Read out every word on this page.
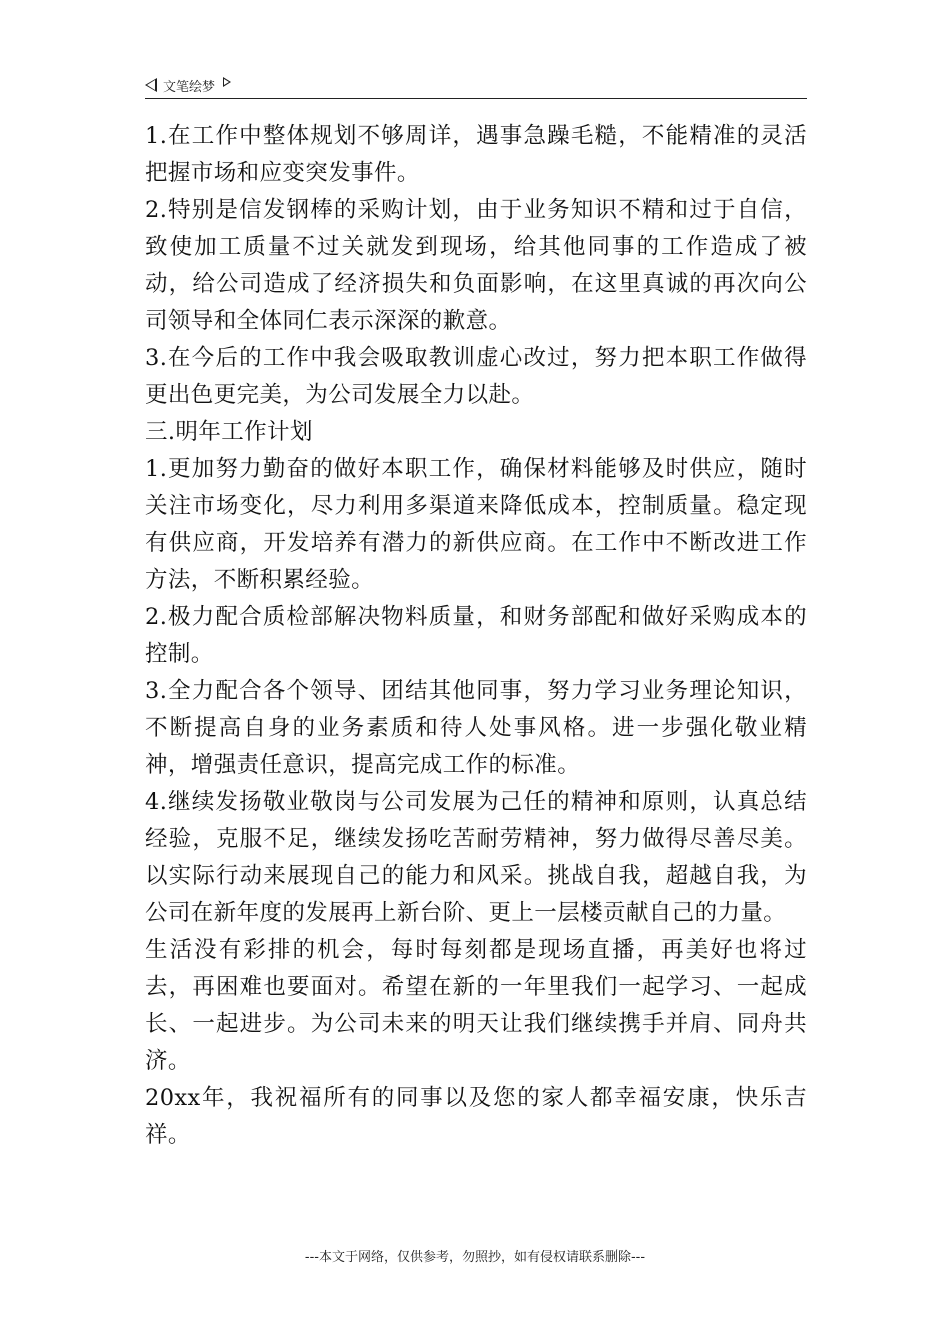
文笔绘梦

1.在工作中整体规划不够周详，遇事急躁毛糙，不能精准的灵活把握市场和应变突发事件。

2.特别是信发钢棒的采购计划，由于业务知识不精和过于自信，致使加工质量不过关就发到现场，给其他同事的工作造成了被动，给公司造成了经济损失和负面影响，在这里真诚的再次向公司领导和全体同仁表示深深的歉意。

3.在今后的工作中我会吸取教训虚心改过，努力把本职工作做得更出色更完美，为公司发展全力以赴。

三.明年工作计划

1.更加努力勤奋的做好本职工作，确保材料能够及时供应，随时关注市场变化，尽力利用多渠道来降低成本，控制质量。稳定现有供应商，开发培养有潜力的新供应商。在工作中不断改进工作方法，不断积累经验。

2.极力配合质检部解决物料质量，和财务部配和做好采购成本的控制。

3.全力配合各个领导、团结其他同事，努力学习业务理论知识，不断提高自身的业务素质和待人处事风格。进一步强化敬业精神，增强责任意识，提高完成工作的标准。

4.继续发扬敬业敬岗与公司发展为己任的精神和原则，认真总结经验，克服不足，继续发扬吃苦耐劳精神，努力做得尽善尽美。以实际行动来展现自己的能力和风采。挑战自我，超越自我，为公司在新年度的发展再上新台阶、更上一层楼贡献自己的力量。

生活没有彩排的机会，每时每刻都是现场直播，再美好也将过去，再困难也要面对。希望在新的一年里我们一起学习、一起成长、一起进步。为公司未来的明天让我们继续携手并肩、同舟共济。

20xx年，我祝福所有的同事以及您的家人都幸福安康，快乐吉祥。

---本文于网络，仅供参考，勿照抄，如有侵权请联系删除---
